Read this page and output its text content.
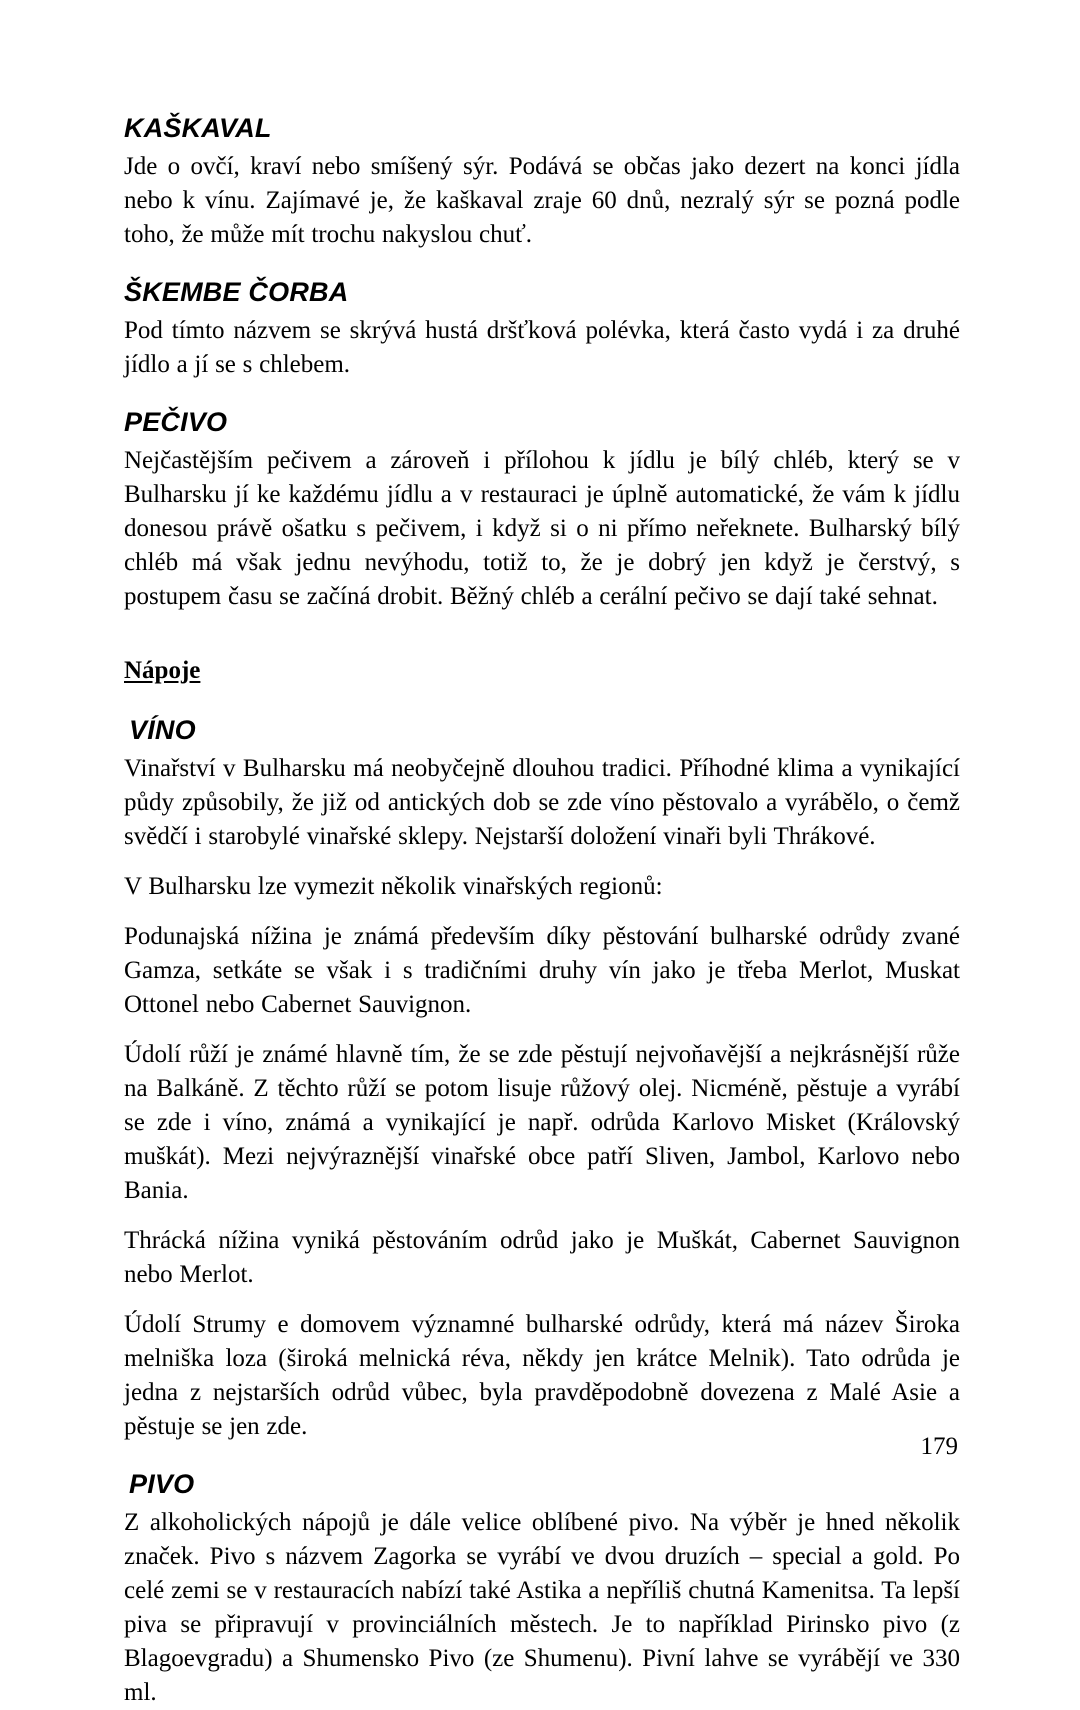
KAŠKAVAL

Jde o ovčí, kraví nebo smíšený sýr. Podává se občas jako dezert na konci jídla nebo k vínu. Zajímavé je, že kaškaval zraje 60 dnů, nezralý sýr se pozná podle toho, že může mít trochu nakyslou chuť.

ŠKEMBE ČORBA

Pod tímto názvem se skrývá hustá dršťková polévka, která často vydá i za druhé jídlo a jí se s chlebem.

PEČIVO

Nejčastějším pečivem a zároveň i přílohou k jídlu je bílý chléb, který se v Bulharsku jí ke každému jídlu a v restauraci je úplně automatické, že vám k jídlu donesou právě ošatku s pečivem, i když si o ni přímo neřeknete. Bulharský bílý chléb má však jednu nevýhodu, totiž to, že je dobrý jen když je čerstvý, s postupem času se začíná drobit. Běžný chléb a cerální pečivo se dají také sehnat.

Nápoje
VÍNO

Vinařství v Bulharsku má neobyčejně dlouhou tradici. Příhodné klima a vynikající půdy způsobily, že již od antických dob se zde víno pěstovalo a vyrábělo, o čemž svědčí i starobylé vinařské sklepy. Nejstarší doložení vinaři byli Thrákové.

V Bulharsku lze vymezit několik vinařských regionů:

Podunajská nížina je známá především díky pěstování bulharské odrůdy zvané Gamza, setkáte se však i s tradičními druhy vín jako je třeba Merlot, Muskat Ottonel nebo Cabernet Sauvignon.

Údolí růží je známé hlavně tím, že se zde pěstují nejvoňavější a nejkrásnější růže na Balkáně. Z těchto růží se potom lisuje růžový olej. Nicméně, pěstuje a vyrábí se zde i víno, známá a vynikající je např. odrůda Karlovo Misket (Královský muškát). Mezi nejvýraznější vinařské obce patří Sliven, Jambol, Karlovo nebo Bania.

Thrácká nížina vyniká pěstováním odrůd jako je Muškát, Cabernet Sauvignon nebo Merlot.

Údolí Strumy e domovem významné bulharské odrůdy, která má název Široka melniška loza (široká melnická réva, někdy jen krátce Melnik). Tato odrůda je jedna z nejstarších odrůd vůbec, byla pravděpodobně dovezena z Malé Asie a pěstuje se jen zde.

PIVO

Z alkoholických nápojů je dále velice oblíbené pivo. Na výběr je hned několik značek. Pivo s názvem Zagorka se vyrábí ve dvou druzích – special a gold. Po celé zemi se v restauracích nabízí také Astika a nepříliš chutná Kamenitsa. Ta lepší piva se připravují v provinciálních městech. Je to například Pirinsko pivo (z Blagoevgradu) a Shumensko Pivo (ze Shumenu). Pivní lahve se vyrábějí ve 330 ml.

179
